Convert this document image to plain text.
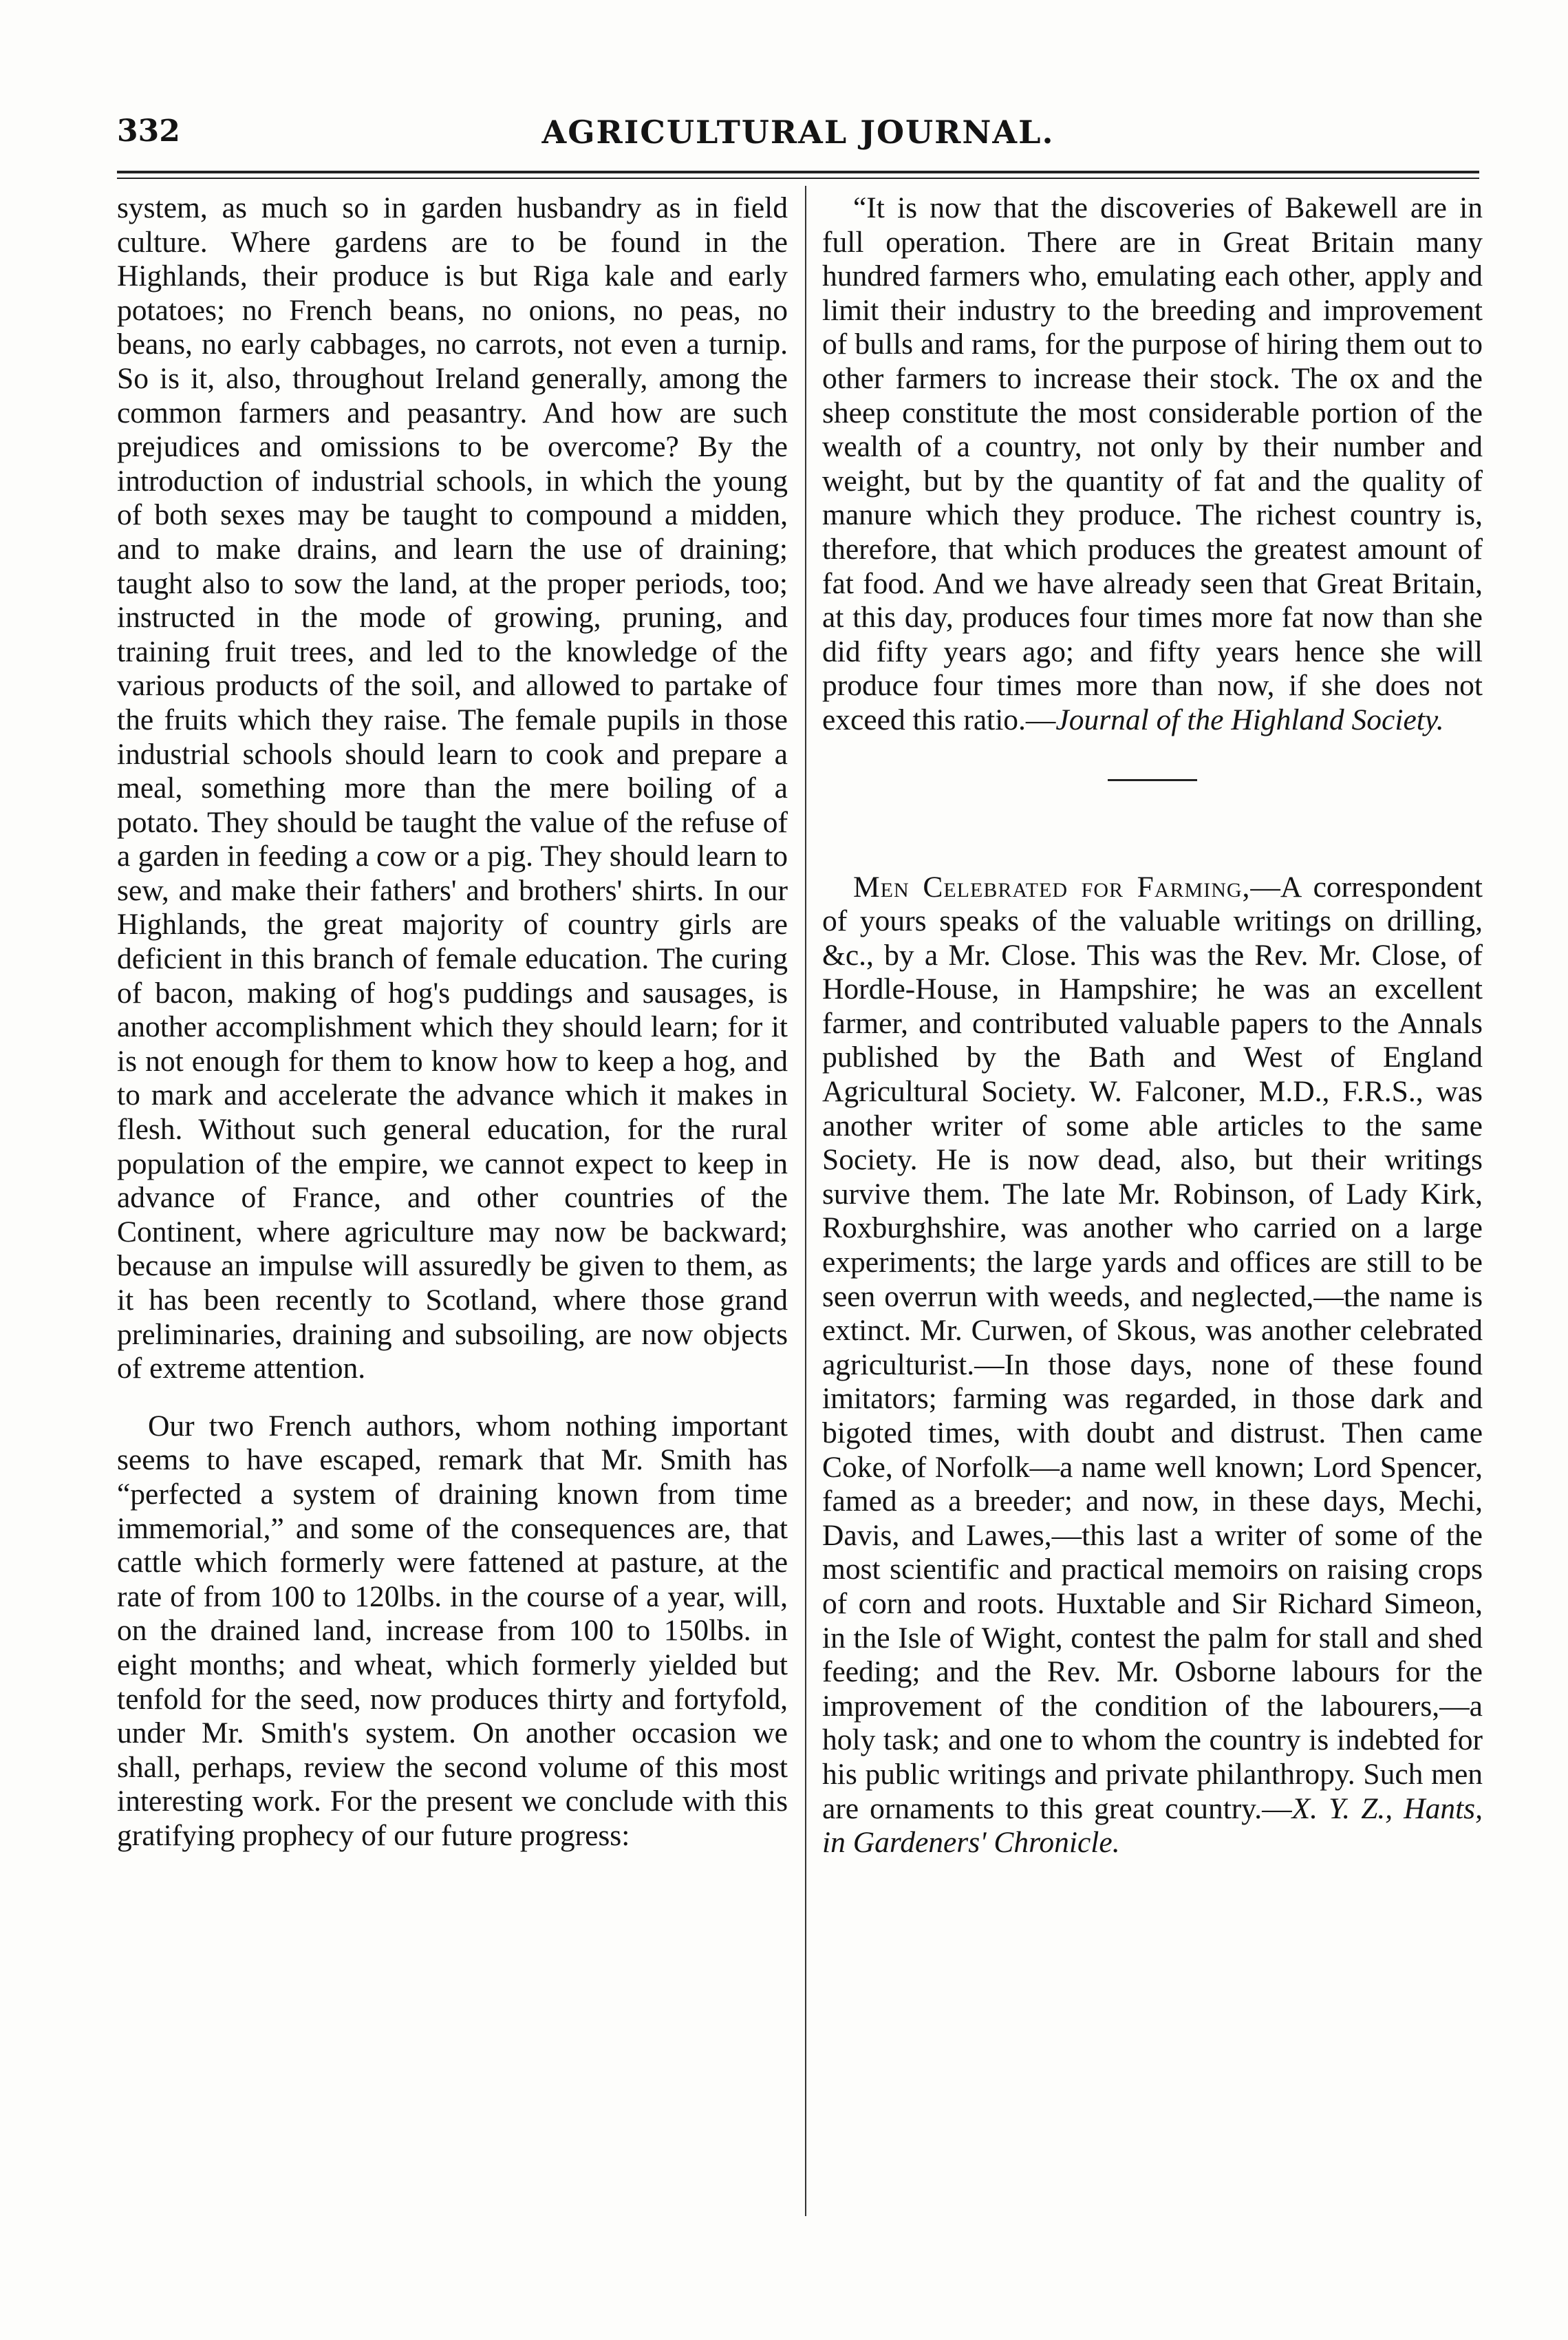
332	AGRICULTURAL JOURNAL.

system, as much so in garden husbandry as in field culture. Where gardens are to be found in the Highlands, their produce is but Riga kale and early potatoes; no French beans, no onions, no peas, no beans, no early cabbages, no carrots, not even a turnip. So is it, also, throughout Ireland generally, among the common farmers and peasantry. And how are such prejudices and omissions to be overcome? By the introduction of industrial schools, in which the young of both sexes may be taught to compound a midden, and to make drains, and learn the use of draining; taught also to sow the land, at the proper periods, too; instructed in the mode of growing, pruning, and training fruit trees, and led to the knowledge of the various products of the soil, and allowed to partake of the fruits which they raise. The female pupils in those industrial schools should learn to cook and prepare a meal, something more than the mere boiling of a potato. They should be taught the value of the refuse of a garden in feeding a cow or a pig. They should learn to sew, and make their fathers' and brothers' shirts. In our Highlands, the great majority of country girls are deficient in this branch of female education. The curing of bacon, making of hog's puddings and sausages, is another accomplishment which they should learn; for it is not enough for them to know how to keep a hog, and to mark and accelerate the advance which it makes in flesh. Without such general education, for the rural population of the empire, we cannot expect to keep in advance of France, and other countries of the Continent, where agriculture may now be backward; because an impulse will assuredly be given to them, as it has been recently to Scotland, where those grand preliminaries, draining and subsoiling, are now objects of extreme attention.

Our two French authors, whom nothing important seems to have escaped, remark that Mr. Smith has “perfected a system of draining known from time immemorial,” and some of the consequences are, that cattle which formerly were fattened at pasture, at the rate of from 100 to 120lbs. in the course of a year, will, on the drained land, increase from 100 to 150lbs. in eight months; and wheat, which formerly yielded but tenfold for the seed, now produces thirty and fortyfold, under Mr. Smith's system. On another occasion we shall, perhaps, review the second volume of this most interesting work. For the present we conclude with this gratifying prophecy of our future progress:

“It is now that the discoveries of Bakewell are in full operation. There are in Great Britain many hundred farmers who, emulating each other, apply and limit their industry to the breeding and improvement of bulls and rams, for the purpose of hiring them out to other farmers to increase their stock. The ox and the sheep constitute the most considerable portion of the wealth of a country, not only by their number and weight, but by the quantity of fat and the quality of manure which they produce. The richest country is, therefore, that which produces the greatest amount of fat food. And we have already seen that Great Britain, at this day, produces four times more fat now than she did fifty years ago; and fifty years hence she will produce four times more than now, if she does not exceed this ratio.—Journal of the Highland Society.

Men Celebrated for Farming,—A correspondent of yours speaks of the valuable writings on drilling, &c., by a Mr. Close. This was the Rev. Mr. Close, of Hordle-House, in Hampshire; he was an excellent farmer, and contributed valuable papers to the Annals published by the Bath and West of England Agricultural Society. W. Falconer, M.D., F.R.S., was another writer of some able articles to the same Society. He is now dead, also, but their writings survive them. The late Mr. Robinson, of Lady Kirk, Roxburghshire, was another who carried on a large experiments; the large yards and offices are still to be seen overrun with weeds, and neglected,—the name is extinct. Mr. Curwen, of Skous, was another celebrated agriculturist.—In those days, none of these found imitators; farming was regarded, in those dark and bigoted times, with doubt and distrust. Then came Coke, of Norfolk—a name well known; Lord Spencer, famed as a breeder; and now, in these days, Mechi, Davis, and Lawes,—this last a writer of some of the most scientific and practical memoirs on raising crops of corn and roots. Huxtable and Sir Richard Simeon, in the Isle of Wight, contest the palm for stall and shed feeding; and the Rev. Mr. Osborne labours for the improvement of the condition of the labourers,—a holy task; and one to whom the country is indebted for his public writings and private philanthropy. Such men are ornaments to this great country.—X. Y. Z., Hants, in Gardeners' Chronicle.
